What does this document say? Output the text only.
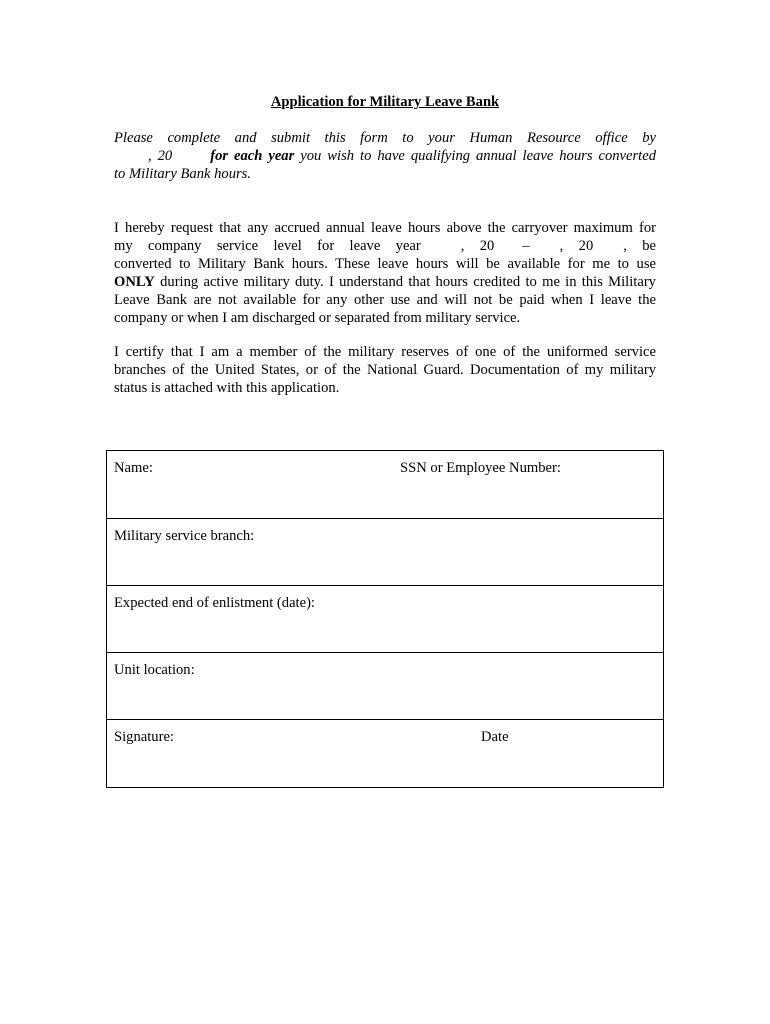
Application for Military Leave Bank
Please complete and submit this form to your Human Resource office by
, 20	for each year you wish to have qualifying annual leave hours converted
to Military Bank hours.
I hereby request that any accrued annual leave hours above the carryover maximum for
my company service level for leave year	, 20 – , 20 , be
converted to Military Bank hours. These leave hours will be available for me to use
ONLY during active military duty. I understand that hours credited to me in this Military
Leave Bank are not available for any other use and will not be paid when I leave the
company or when I am discharged or separated from military service.
I certify that I am a member of the military reserves of one of the uniformed service
branches of the United States, or of the National Guard. Documentation of my military
status is attached with this application.
Name:	SSN or Employee Number:
Military service branch:
Expected end of enlistment (date):
Unit location:
Signature:	Date
